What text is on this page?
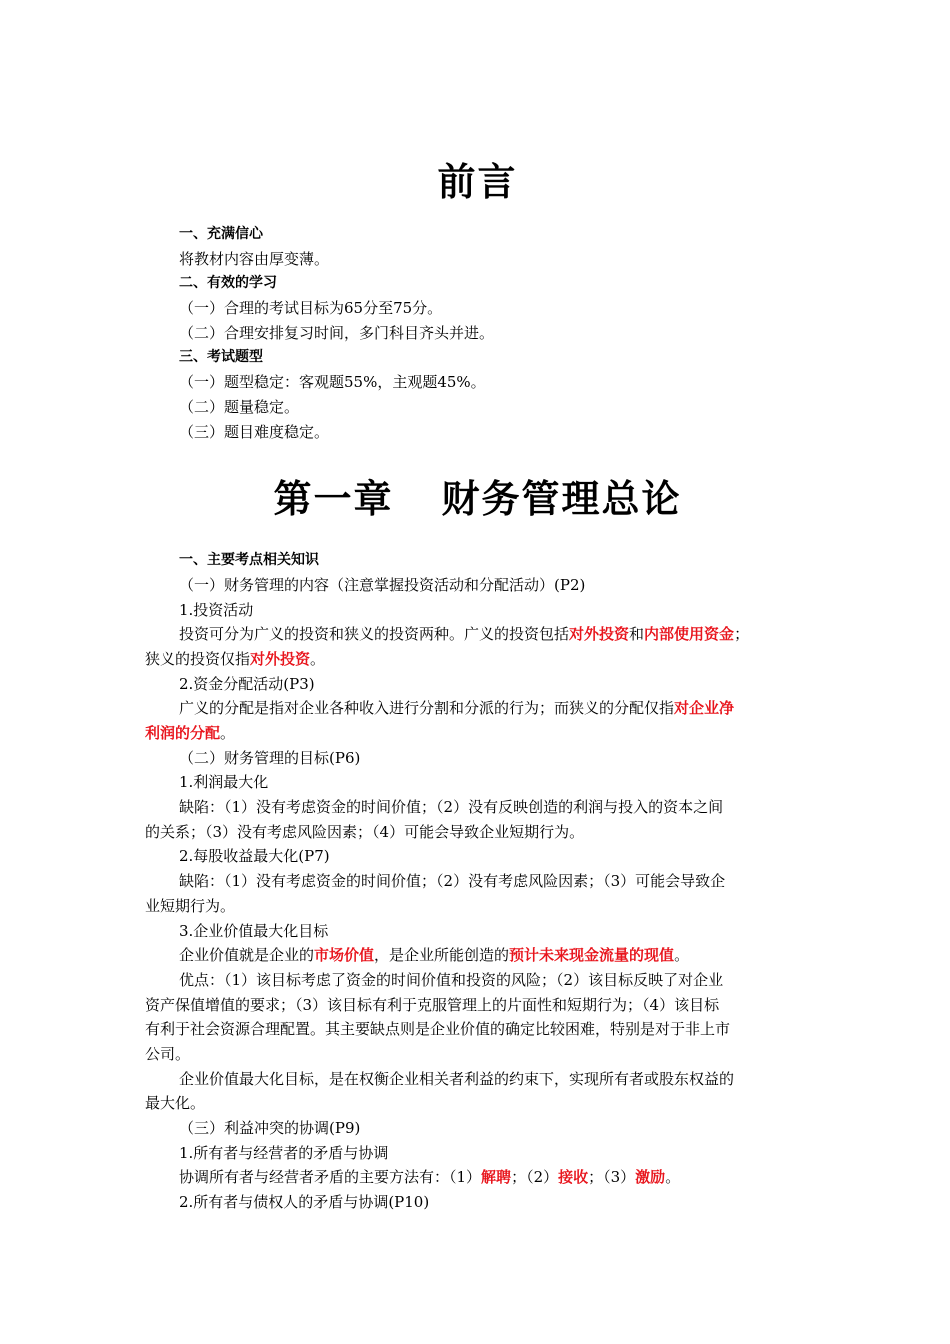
前言
一、充满信心
将教材内容由厚变薄。
二、有效的学习
（一）合理的考试目标为65分至75分。
（二）合理安排复习时间，多门科目齐头并进。
三、考试题型
（一）题型稳定：客观题55%，主观题45%。
（二）题量稳定。
（三）题目难度稳定。
第一章 财务管理总论
一、主要考点相关知识
（一）财务管理的内容（注意掌握投资活动和分配活动）(P2)
1.投资活动
投资可分为广义的投资和狭义的投资两种。广义的投资包括对外投资和内部使用资金；
狭义的投资仅指对外投资。
2.资金分配活动(P3)
广义的分配是指对企业各种收入进行分割和分派的行为；而狭义的分配仅指对企业净
利润的分配。
（二）财务管理的目标(P6)
1.利润最大化
缺陷：（1）没有考虑资金的时间价值；（2）没有反映创造的利润与投入的资本之间
的关系；（3）没有考虑风险因素；（4）可能会导致企业短期行为。
2.每股收益最大化(P7)
缺陷：（1）没有考虑资金的时间价值；（2）没有考虑风险因素；（3）可能会导致企
业短期行为。
3.企业价值最大化目标
企业价值就是企业的市场价值，是企业所能创造的预计未来现金流量的现值。
优点：（1）该目标考虑了资金的时间价值和投资的风险；（2）该目标反映了对企业
资产保值增值的要求；（3）该目标有利于克服管理上的片面性和短期行为；（4）该目标
有利于社会资源合理配置。其主要缺点则是企业价值的确定比较困难，特别是对于非上市
公司。
企业价值最大化目标，是在权衡企业相关者利益的约束下，实现所有者或股东权益的
最大化。
（三）利益冲突的协调(P9)
1.所有者与经营者的矛盾与协调
协调所有者与经营者矛盾的主要方法有：（1）解聘；（2）接收；（3）激励。
2.所有者与债权人的矛盾与协调(P10)
